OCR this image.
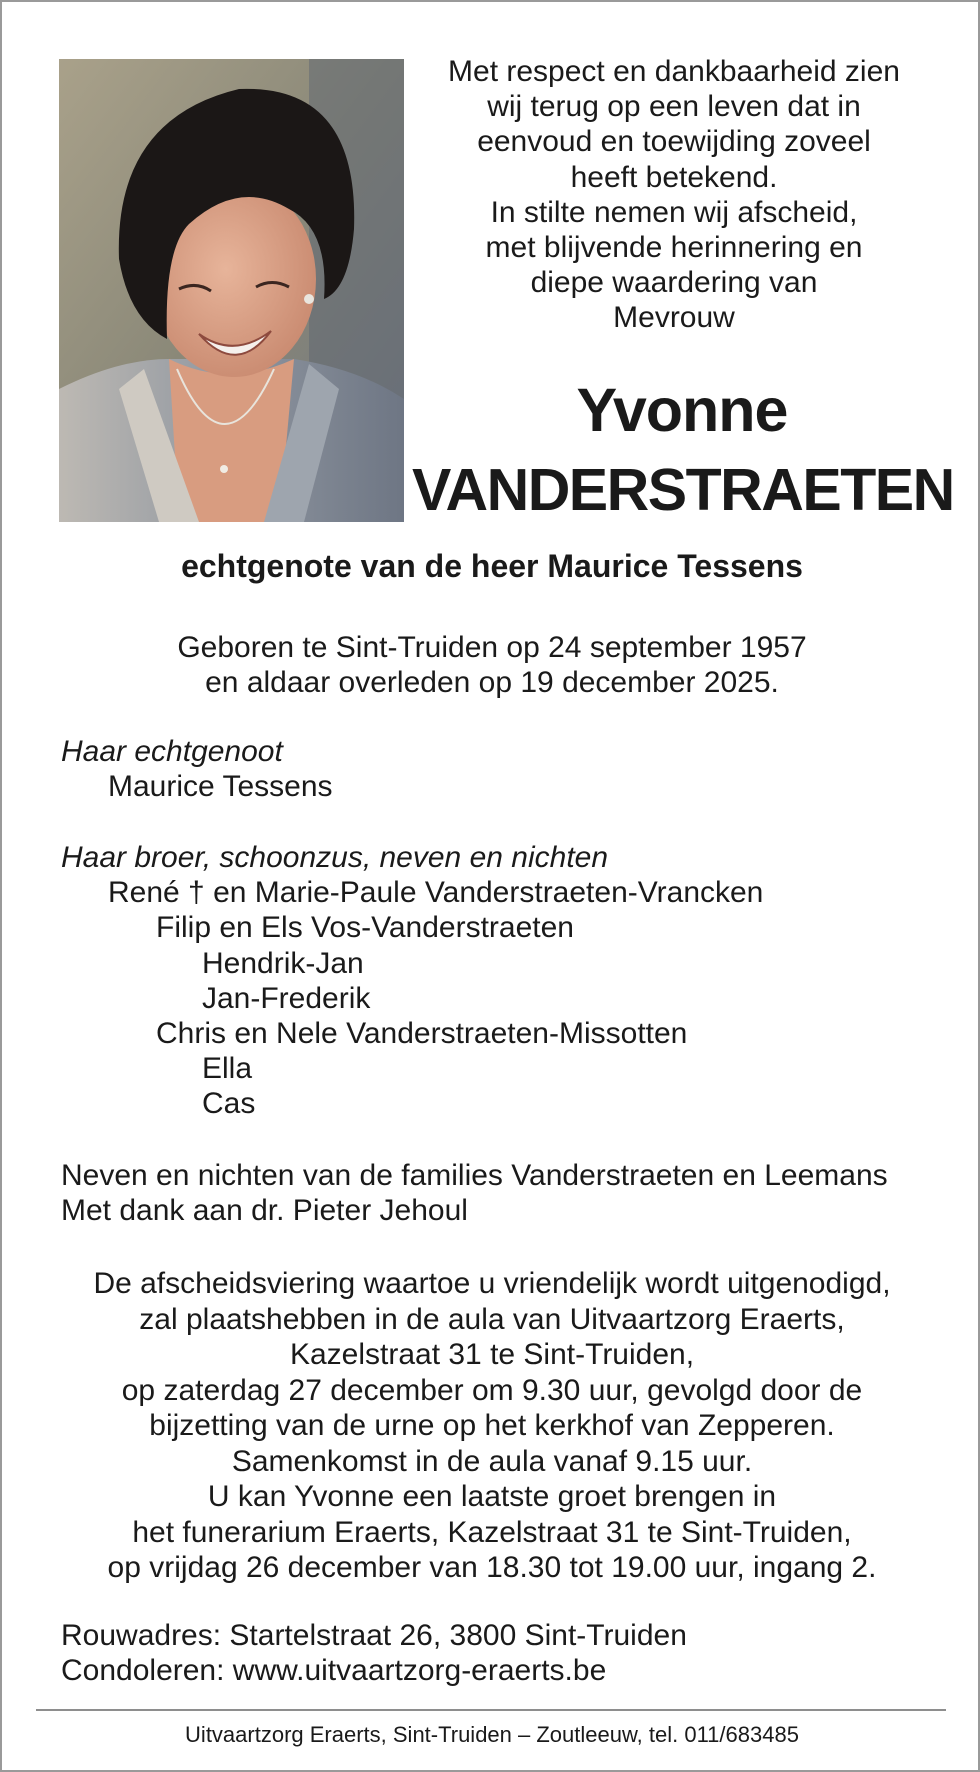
Met respect en dankbaarheid zien
wij terug op een leven dat in
eenvoud en toewijding zoveel
heeft betekend.
In stilte nemen wij afscheid,
met blijvende herinnering en
diepe waardering van
Mevrouw
Yvonne
VANDERSTRAETEN
echtgenote van de heer Maurice Tessens
Geboren te Sint-Truiden op 24 september 1957
en aldaar overleden op 19 december 2025.
Haar echtgenoot
Maurice Tessens
Haar broer, schoonzus, neven en nichten
René † en Marie-Paule Vanderstraeten-Vrancken
Filip en Els Vos-Vanderstraeten
Hendrik-Jan
Jan-Frederik
Chris en Nele Vanderstraeten-Missotten
Ella
Cas
Neven en nichten van de families Vanderstraeten en Leemans
Met dank aan dr. Pieter Jehoul
De afscheidsviering waartoe u vriendelijk wordt uitgenodigd,
zal plaatshebben in de aula van Uitvaartzorg Eraerts,
Kazelstraat 31 te Sint-Truiden,
op zaterdag 27 december om 9.30 uur, gevolgd door de
bijzetting van de urne op het kerkhof van Zepperen.
Samenkomst in de aula vanaf 9.15 uur.
U kan Yvonne een laatste groet brengen in
het funerarium Eraerts, Kazelstraat 31 te Sint-Truiden,
op vrijdag 26 december van 18.30 tot 19.00 uur, ingang 2.
Rouwadres: Startelstraat 26, 3800 Sint-Truiden
Condoleren: www.uitvaartzorg-eraerts.be
Uitvaartzorg Eraerts, Sint-Truiden – Zoutleeuw, tel. 011/683485
